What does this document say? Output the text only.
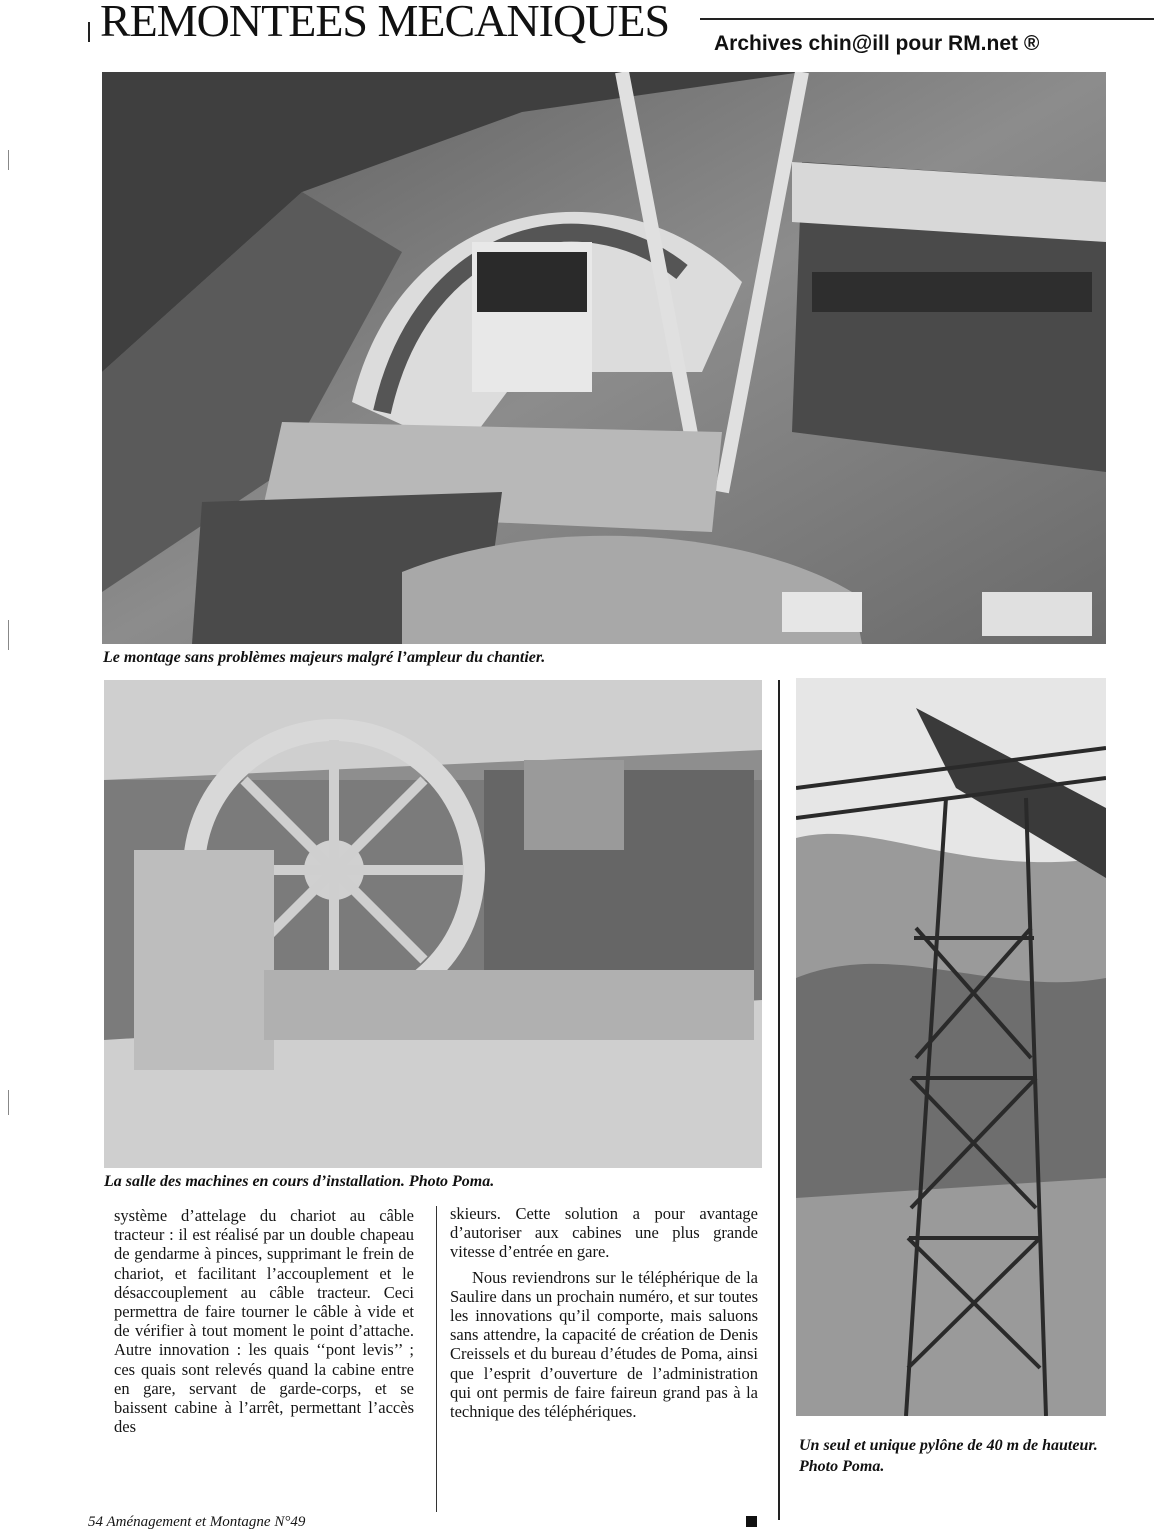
REMONTEES MECANIQUES Archives chin@ill pour RM.net ®
Le montage sans problèmes majeurs malgré l’ampleur du chantier.
La salle des machines en cours d’installation. Photo Poma.
Un seul et unique pylône de 40 m de hauteur. Photo Poma.

système d’attelage du chariot au câble tracteur : il est réalisé par un double chapeau de gendarme à pinces, supprimant le frein de chariot, et facilitant l’accouplement et le désaccouplement au câble tracteur. Ceci permettra de faire tourner le câble à vide et de vérifier à tout moment le point d’attache. Autre innovation : les quais ‘‘pont levis’’ ; ces quais sont relevés quand la cabine entre en gare, servant de garde-corps, et se baissent cabine à l’arrêt, permettant l’accès des

skieurs. Cette solution a pour avantage d’autoriser aux cabines une plus grande vitesse d’entrée en gare.

Nous reviendrons sur le téléphérique de la Saulire dans un prochain numéro, et sur toutes les innovations qu’il comporte, mais saluons sans attendre, la capacité de création de Denis Creissels et du bureau d’études de Poma, ainsi que l’esprit d’ouverture de l’administration qui ont permis de faire faireun grand pas à la technique des téléphériques.

54 Aménagement et Montagne N°49
